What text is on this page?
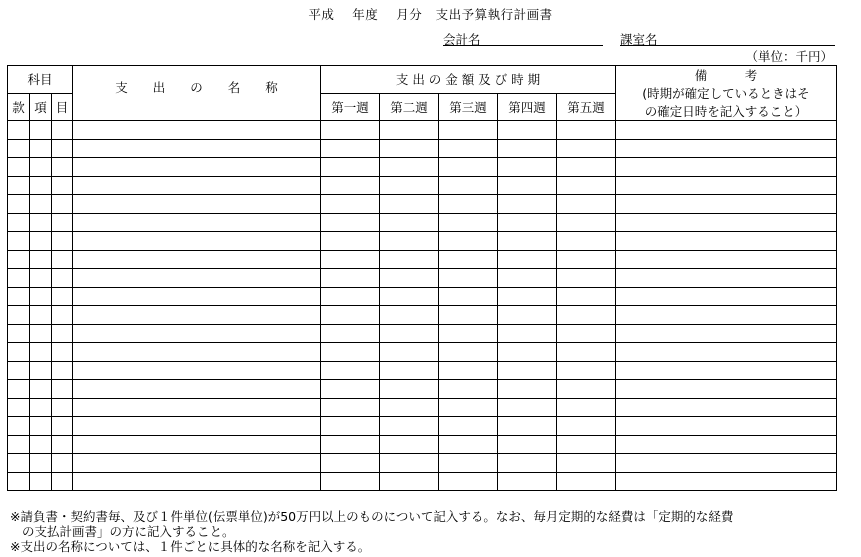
平成 年度 月分 支出予算執行計画書
会計名	課室名
（単位：千円）
科目			支　　出　　の　　名　　称	支 出 の 金 額 及 び 時 期					備　　　考
(時期が確定しているときはそ
の確定日時を記入すること）

款	項	目		第一週	第二週	第三週	第四週	第五週	

※請負書・契約書毎、及び１件単位(伝票単位)が50万円以上のものについて記入する。なお、毎月定期的な経費は「定期的な経費
の支払計画書」の方に記入すること。
※支出の名称については、１件ごとに具体的な名称を記入する。
